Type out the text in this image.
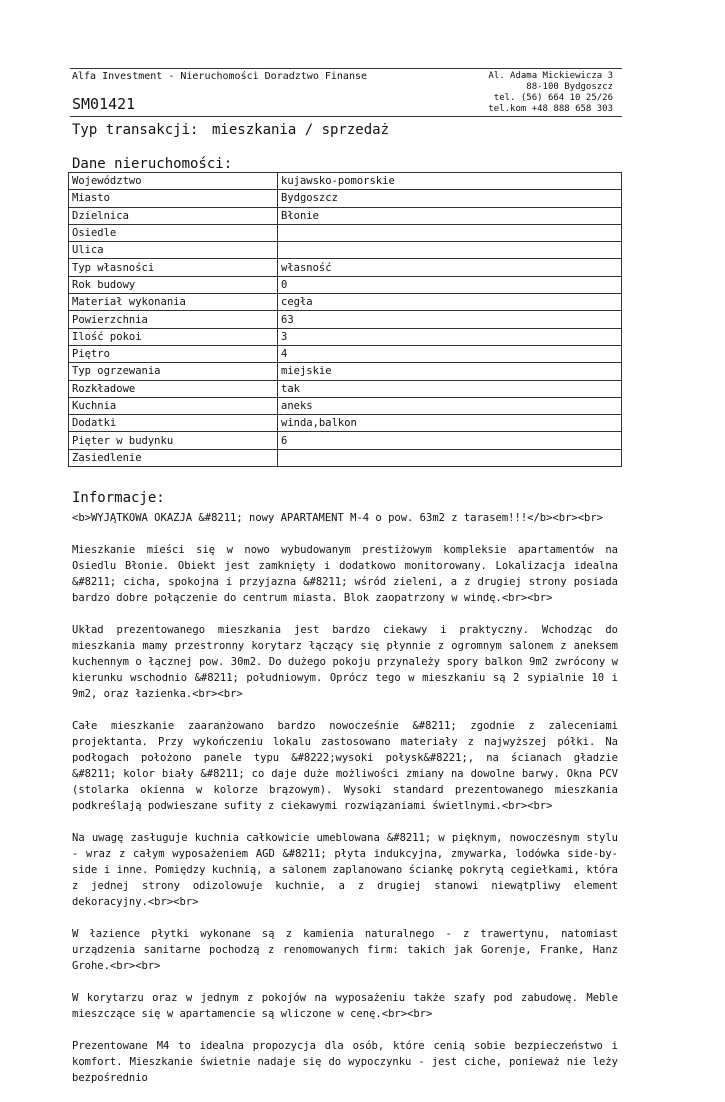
Alfa Investment - Nieruchomości Doradztwo Finanse
SM01421
Al. Adama Mickiewicza 3
88-100 Bydgoszcz
tel. (56) 664 10 25/26
tel.kom +48 888 658 303
Typ transakcji: mieszkania / sprzedaż
Dane nieruchomości:
Województwo	kujawsko-pomorskie
Miasto	Bydgoszcz
Dzielnica	Błonie
Osiedle	
Ulica	
Typ własności	własność
Rok budowy	0
Materiał wykonania	cegła
Powierzchnia	63
Ilość pokoi	3
Piętro	4
Typ ogrzewania	miejskie
Rozkładowe	tak
Kuchnia	aneks
Dodatki	winda,balkon
Pięter w budynku	6
Zasiedlenie	
Informacje:

<b>WYJĄTKOWA OKAZJA &#8211; nowy APARTAMENT M-4 o pow. 63m2 z tarasem!!!</b><br><br>

Mieszkanie mieści się w nowo wybudowanym prestiżowym kompleksie apartamentów na Osiedlu Błonie. Obiekt jest zamknięty i dodatkowo monitorowany. Lokalizacja idealna &#8211; cicha, spokojna i przyjazna &#8211; wśród zieleni, a z drugiej strony posiada bardzo dobre połączenie do centrum miasta. Blok zaopatrzony w windę.<br><br>

Układ prezentowanego mieszkania jest bardzo ciekawy i praktyczny. Wchodząc do mieszkania mamy przestronny korytarz łączący się płynnie z ogromnym salonem z aneksem kuchennym o łącznej pow. 30m2. Do dużego pokoju przynależy spory balkon 9m2 zwrócony w kierunku wschodnio &#8211; południowym. Oprócz tego w mieszkaniu są 2 sypialnie 10 i 9m2, oraz łazienka.<br><br>

Całe mieszkanie zaaranżowano bardzo nowocześnie &#8211; zgodnie z zaleceniami projektanta. Przy wykończeniu lokalu zastosowano materiały z najwyższej półki. Na podłogach położono panele typu &#8222;wysoki połysk&#8221;, na ścianach gładzie &#8211; kolor biały &#8211; co daje duże możliwości zmiany na dowolne barwy. Okna PCV (stolarka okienna w kolorze brązowym). Wysoki standard prezentowanego mieszkania podkreślają podwieszane sufity z ciekawymi rozwiązaniami świetlnymi.<br><br>

Na uwagę zasługuje kuchnia całkowicie umeblowana &#8211; w pięknym, nowoczesnym stylu - wraz z całym wyposażeniem AGD &#8211; płyta indukcyjna, zmywarka, lodówka side-by-side i inne. Pomiędzy kuchnią, a salonem zaplanowano ściankę pokrytą cegiełkami, która z jednej strony odizolowuje kuchnie, a z drugiej stanowi niewątpliwy element dekoracyjny.<br><br>

W łazience płytki wykonane są z kamienia naturalnego - z trawertynu, natomiast urządzenia sanitarne pochodzą z renomowanych firm: takich jak Gorenje, Franke, Hanz Grohe.<br><br>

W korytarzu oraz w jednym z pokojów na wyposażeniu także szafy pod zabudowę. Meble mieszczące się w apartamencie są wliczone w cenę.<br><br>

Prezentowane M4 to idealna propozycja dla osób, które cenią sobie bezpieczeństwo i komfort. Mieszkanie świetnie nadaje się do wypoczynku - jest ciche, ponieważ nie leży bezpośrednio
